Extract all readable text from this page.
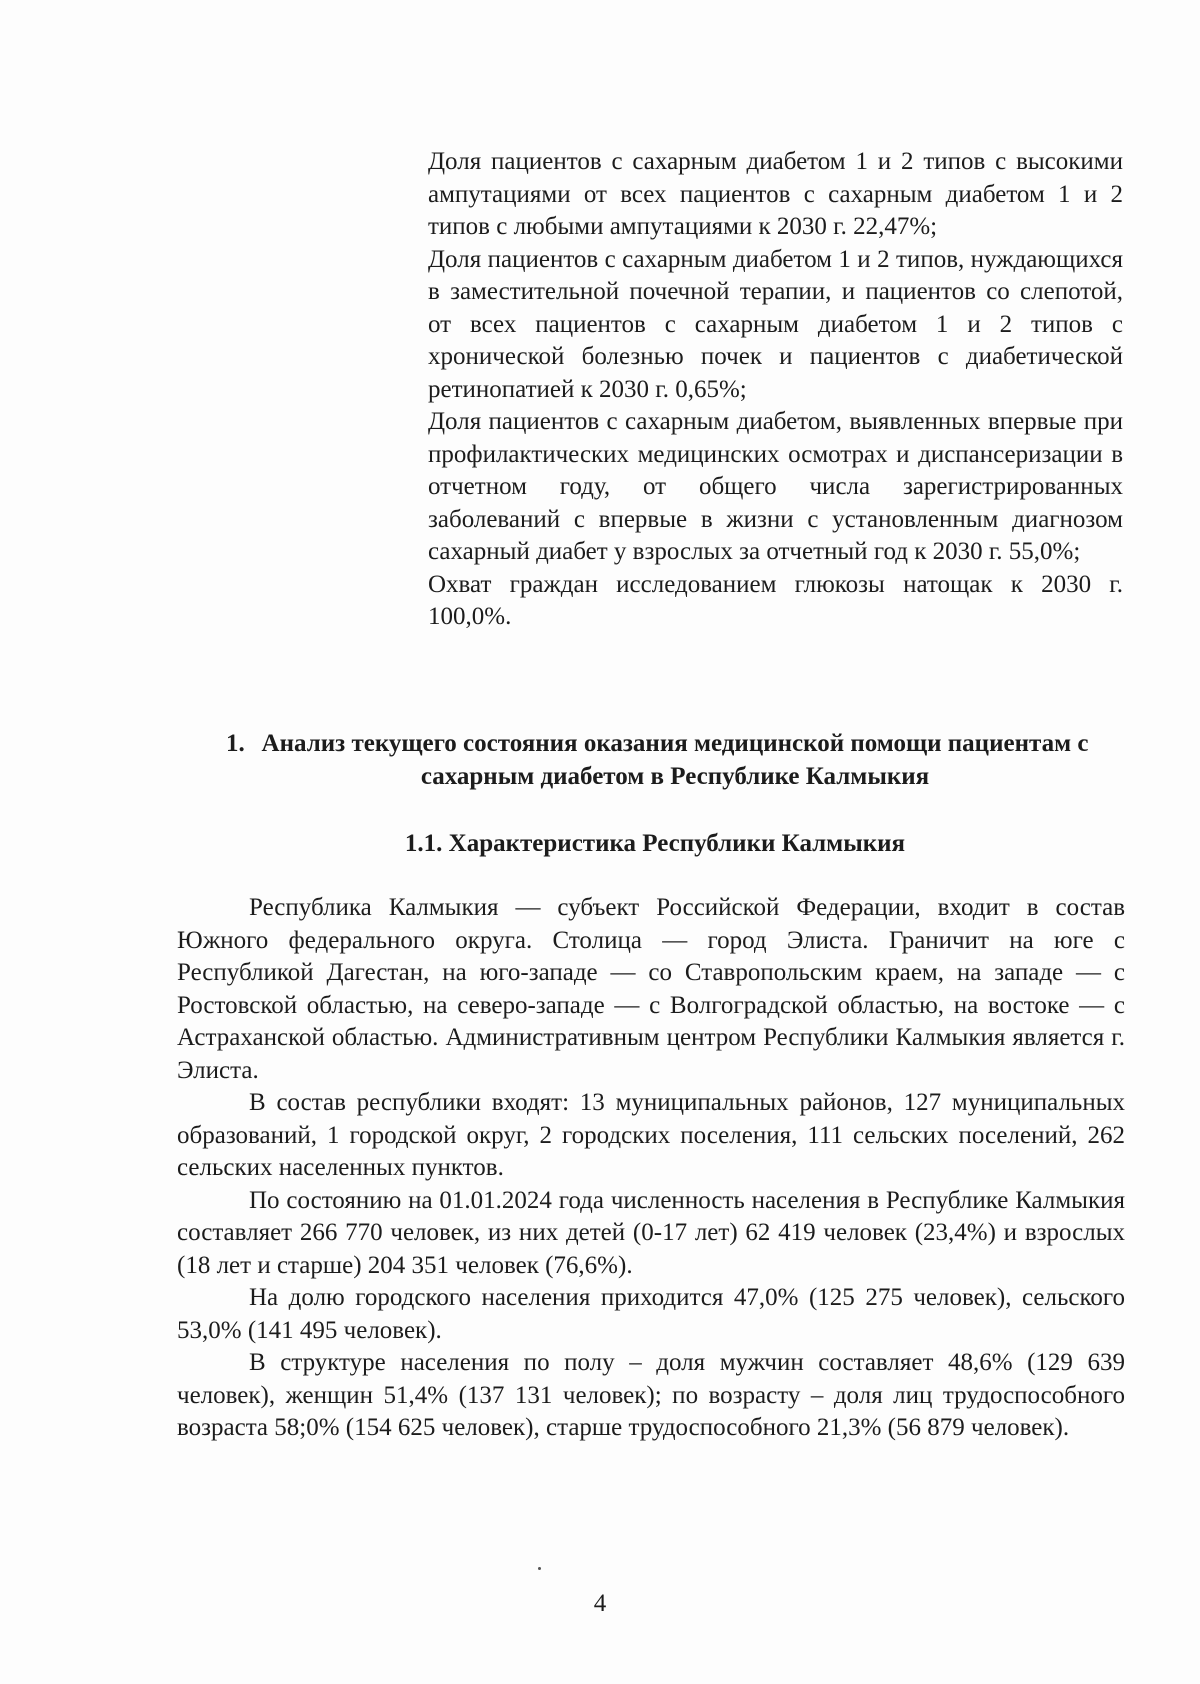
Доля пациентов с сахарным диабетом 1 и 2 типов с высокими ампутациями от всех пациентов с сахарным диабетом 1 и 2 типов с любыми ампутациями к 2030 г. 22,47%;

Доля пациентов с сахарным диабетом 1 и 2 типов, нуждающихся в заместительной почечной терапии, и пациентов со слепотой, от всех пациентов с сахарным диабетом 1 и 2 типов с хронической болезнью почек и пациентов с диабетической ретинопатией к 2030 г. 0,65%;

Доля пациентов с сахарным диабетом, выявленных впервые при профилактических медицинских осмотрах и диспансеризации в отчетном году, от общего числа зарегистрированных заболеваний с впервые в жизни с установленным диагнозом сахарный диабет у взрослых за отчетный год к 2030 г. 55,0%;

Охват граждан исследованием глюкозы натощак к 2030 г. 100,0%.

1. Анализ текущего состояния оказания медицинской помощи пациентам с сахарным диабетом в Республике Калмыкия
1.1. Характеристика Республики Калмыкия

Республика Калмыкия — субъект Российской Федерации, входит в состав Южного федерального округа. Столица — город Элиста. Граничит на юге с Республикой Дагестан, на юго-западе — со Ставропольским краем, на западе — с Ростовской областью, на северо-западе — с Волгоградской областью, на востоке — с Астраханской областью. Административным центром Республики Калмыкия является г. Элиста.

В состав республики входят: 13 муниципальных районов, 127 муниципальных образований, 1 городской округ, 2 городских поселения, 111 сельских поселений, 262 сельских населенных пунктов.

По состоянию на 01.01.2024 года численность населения в Республике Калмыкия составляет 266 770 человек, из них детей (0-17 лет) 62 419 человек (23,4%) и взрослых (18 лет и старше) 204 351 человек (76,6%).

На долю городского населения приходится 47,0% (125 275 человек), сельского 53,0% (141 495 человек).

В структуре населения по полу – доля мужчин составляет 48,6% (129 639 человек), женщин 51,4% (137 131 человек); по возрасту – доля лиц трудоспособного возраста 58;0% (154 625 человек), старше трудоспособного 21,3% (56 879 человек).

4
